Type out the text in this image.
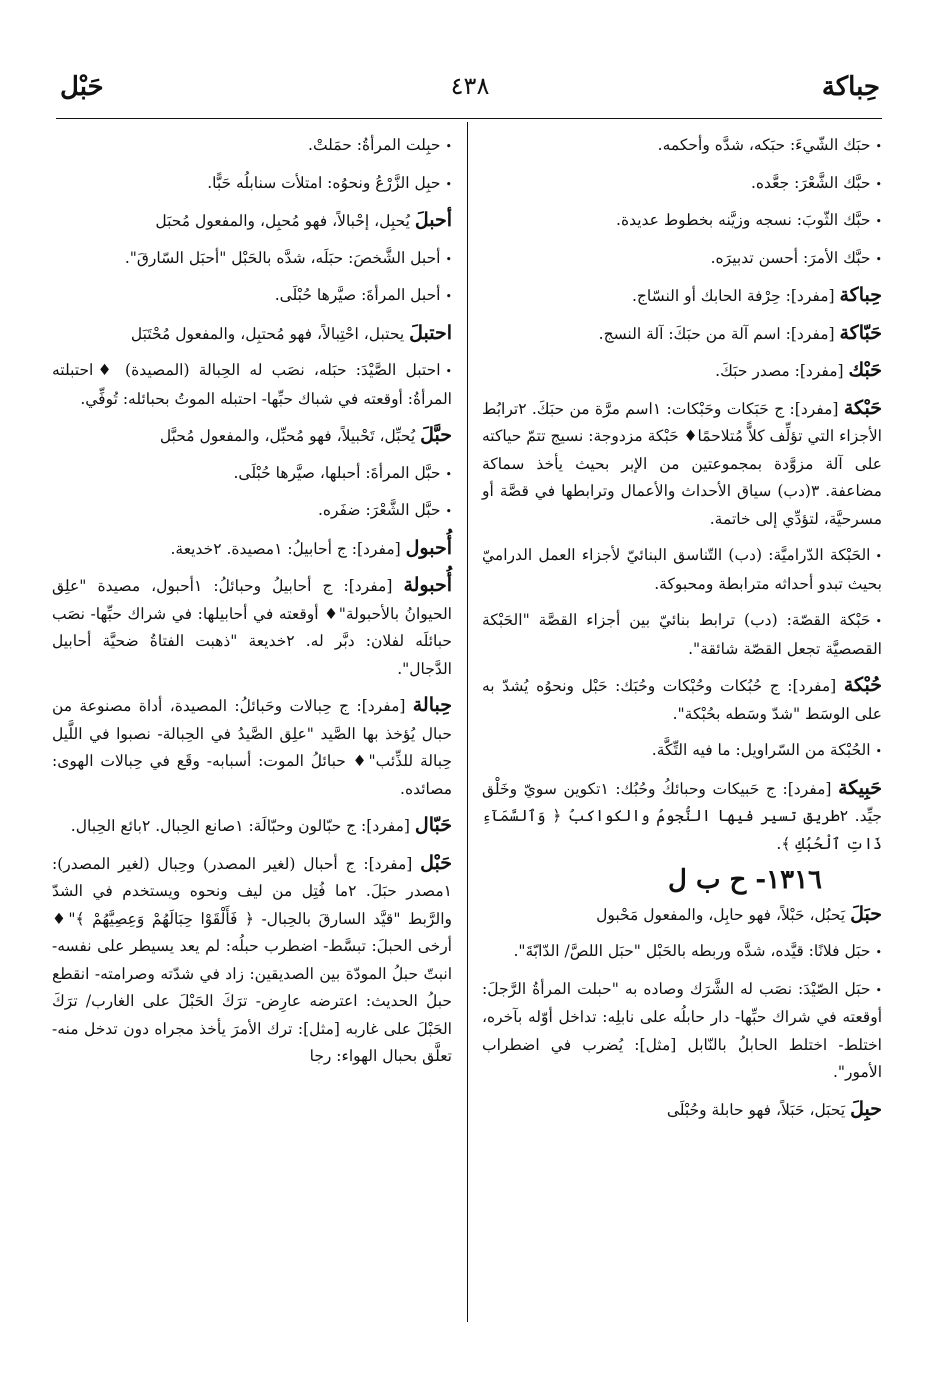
حِباكة
٤٣٨
حَبْل

•حبَك الشّيءَ: حبَكه، شدَّه وأحكمه.

•حبَّك الشَّعْرَ: جعَّده.

•حبَّك الثّوبَ: نسجه وزيَّنه بخطوط عديدة.

•حبَّك الأمرَ: أحسن تدبيرَه.

حِباكة [مفرد]: حِرْفة الحابك أو النسّاج.

حَبّاكة [مفرد]: اسم آلة من حبَكَ: آلة النسج.

حَبْك [مفرد]: مصدر حبَكَ.

حَبْكة [مفرد]: ج حَبَكات وحَبْكات: ١اسم مرَّة من حبَكَ. ٢ترابُط الأجزاء التي تؤلِّف كلاًّ مُتلاحمًا♦ حَبْكة مزدوجة: نسيج تتمّ حياكته على آلة مزوَّدة بمجموعتين من الإبر بحيث يأخذ سماكة مضاعفة. ٣(دب) سياق الأحداث والأعمال وترابطها في قصَّة أو مسرحيَّة، لتؤدِّي إلى خاتمة.

•الحَبْكة الدّراميَّة: (دب) التّناسق البنائيّ لأجزاء العمل الدراميّ بحيث تبدو أحداثه مترابطة ومحبوكة.

•حَبْكة القصّة: (دب) ترابط بنائيّ بين أجزاء القصَّة "الحَبْكة القصصيَّة تجعل القصّة شائقة".

حُبْكة [مفرد]: ج حُبُكات وحُبْكات وحُبَك: حَبْل ونحوُه يُشدّ به على الوسَط "شدّ وسَطه بحُبْكة".

•الحُبْكة من السّراويل: ما فيه التِّكَّة.

حَبِيكة [مفرد]: ج حَبيكات وحبائكُ وحُبُك: ١تكوين سويّ وخَلْق جيِّد. ٢طريق تسير فيها النُّجومُ والكواكبُ ﴿ وَٱلسَّمَآءِ ذَاتِ ٱلْحُبُكِ ﴾.

١٣١٦- ح ب ل

حبَلَ يَحبُل، حَبْلاً، فهو حابِل، والمفعول مَحْبول

•حبَل فلانًا: قيَّده، شدَّه وربطه بالحَبْل "حبَل اللصَّ/ الدّابّةَ".

•حبَل الصّيْدَ: نصَب له الشَّرَك وصاده به "حبلت المرأةُ الرَّجلَ: أوقعته في شراك حبِّها- دار حابلُه على نابلِه: تداخل أوّله بآخره، اختلط- اختلط الحابلُ بالنّابل [مثل]: يُضرب في اضطراب الأمور".

حبِلَ يَحبَل، حَبَلاً، فهو حابلة وحُبْلَى

•حبِلت المرأةُ: حمَلتْ.

•حبِل الزَّرْعُ ونحوُه: امتلأت سنابلُه حَبًّا.

أحبلَ يُحبِل، إحْبالاً، فهو مُحبِل، والمفعول مُحبَل

•أحبل الشَّخصَ: حبَلَه، شدَّه بالحَبْل "أحبَل السّارقَ".

•أحبل المرأةَ: صيَّرها حُبْلَى.

احتبلَ يحتبل، احْتِبالاً، فهو مُحتبِل، والمفعول مُحْتَبَل

•احتبل الصَّيْدَ: حبَله، نصَب له الحِبالة (المصيدة) ♦احتبلته المرأةُ: أوقعته في شباك حبِّها- احتبله الموتُ بحبائله: تُوفِّي.

حبَّلَ يُحبِّل، تَحْبيلاً، فهو مُحبِّل، والمفعول مُحبَّل

•حبَّل المرأةَ: أحبلها، صيَّرها حُبْلَى.

•حبَّل الشَّعْرَ: ضفَره.

أُحبول [مفرد]: ج أحابيلُ: ١مصيدة. ٢خديعة.

أُحبولة [مفرد]: ج أحابيلُ وحبائلُ: ١أحبول، مصيدة "علِق الحيوانُ بالأحبولة"♦ أوقعته في أحابيلها: في شراك حبِّها- نصَب حبائلَه لفلان: دبَّر له. ٢خديعة "ذهبت الفتاةُ ضحيَّة أحابيل الدَّجال".

حِبالة [مفرد]: ج حِبالات وحَبائلُ: المصيدة، أداة مصنوعة من حبال يُؤخذ بها الصَّيد "علِق الصَّيدُ في الحِبالة- نصبوا في اللَّيل حِبالة للذِّئب"♦ حبائلُ الموت: أسبابه- وقَع في حِبالات الهوى: مصائده.

حَبّال [مفرد]: ج حبّالون وحبّالَة: ١صانع الحِبال. ٢بائع الحِبال.

حَبْل [مفرد]: ج أحبال (لغير المصدر) وحِبال (لغير المصدر): ١مصدر حبَلَ. ٢ما فُتِل من ليف ونحوه ويستخدم في الشدّ والرَّبط "قيَّد السارقَ بالحِبال- ﴿ فَأَلْقَوْا حِبَالَهُمْ وَعِصِيَّهُمْ ﴾"♦ أرخى الحبلَ: تبسَّط- اضطرب حبلُه: لم يعد يسيطر على نفسه- انبتّ حبلُ المودّة بين الصديقين: زاد في شدّته وصرامته- انقطع حبلُ الحديث: اعترضه عارِض- ترَكَ الحَبْلَ على الغارب/ ترَكَ الحَبْلَ على غاربه [مثل]: ترك الأمرَ يأخذ مجراه دون تدخل منه- تعلَّق بحبال الهواء: رجا
